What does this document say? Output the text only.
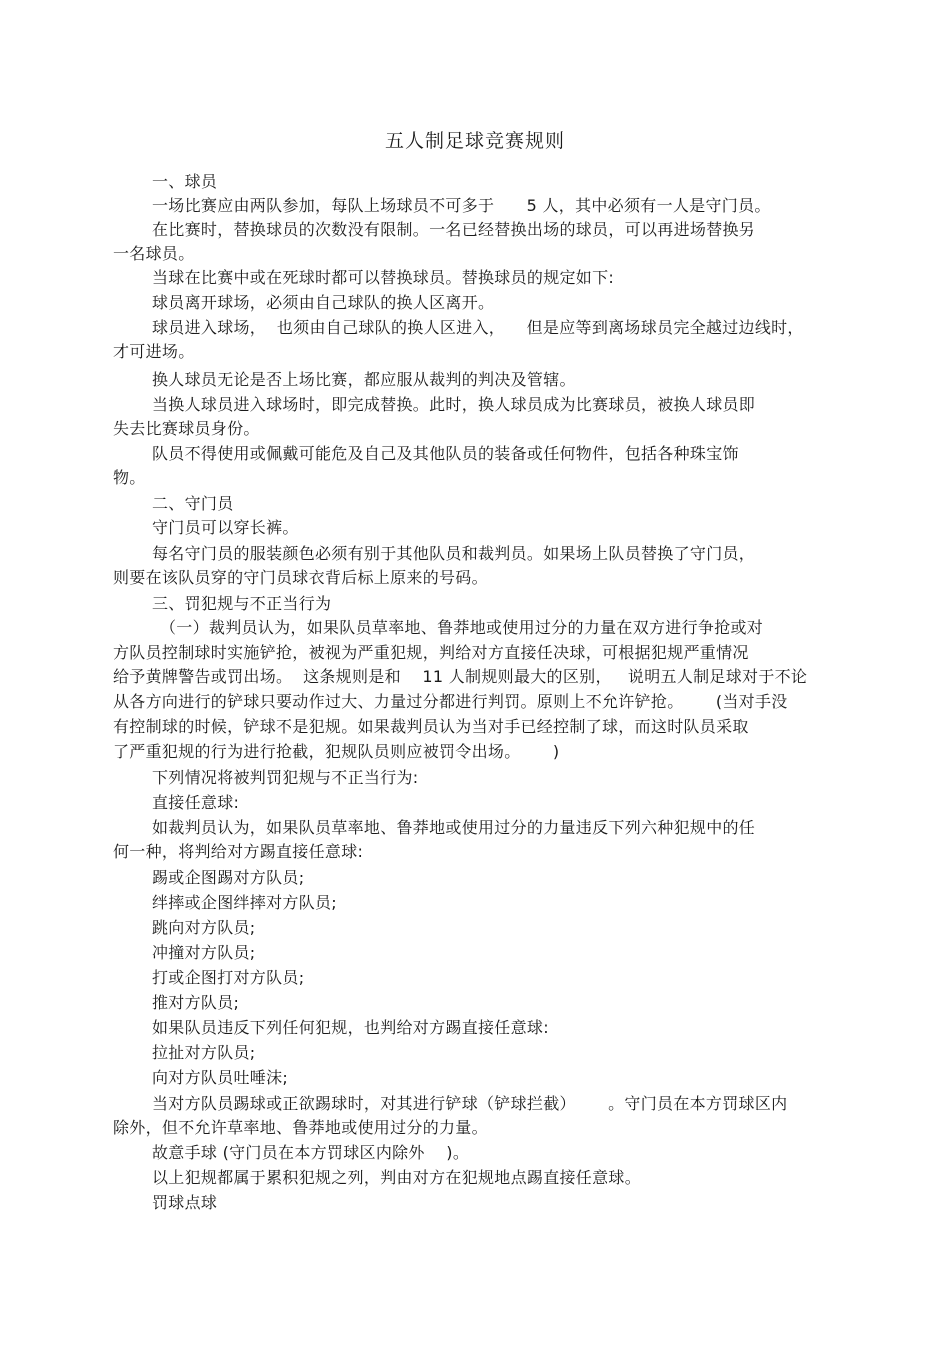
五人制足球竞赛规则
一、球员
一场比赛应由两队参加，每队上场球员不可多于      5 人，其中必须有一人是守门员。
在比赛时，替换球员的次数没有限制。一名已经替换出场的球员，可以再进场替换另
一名球员。
当球在比赛中或在死球时都可以替换球员。替换球员的规定如下:
球员离开球场，必须由自己球队的换人区离开。
球员进入球场，  也须由自己球队的换人区进入，    但是应等到离场球员完全越过边线时，
才可进场。
换人球员无论是否上场比赛，都应服从裁判的判决及管辖。
当换人球员进入球场时，即完成替换。此时，换人球员成为比赛球员，被换人球员即
失去比赛球员身份。
队员不得使用或佩戴可能危及自己及其他队员的装备或任何物件，包括各种珠宝饰
物。
二、守门员
守门员可以穿长裤。
每名守门员的服装颜色必须有别于其他队员和裁判员。如果场上队员替换了守门员，
则要在该队员穿的守门员球衣背后标上原来的号码。
三、罚犯规与不正当行为
（一）裁判员认为，如果队员草率地、鲁莽地或使用过分的力量在双方进行争抢或对
方队员控制球时实施铲抢，被视为严重犯规，判给对方直接任决球，可根据犯规严重情况
给予黄牌警告或罚出场。  这条规则是和    11 人制规则最大的区别，   说明五人制足球对于不论
从各方向进行的铲球只要动作过大、力量过分都进行判罚。原则上不允许铲抢。      (当对手没
有控制球的时候，铲球不是犯规。如果裁判员认为当对手已经控制了球，而这时队员采取
了严重犯规的行为进行抢截，犯规队员则应被罚令出场。      )
下列情况将被判罚犯规与不正当行为:
直接任意球:
如裁判员认为，如果队员草率地、鲁莽地或使用过分的力量违反下列六种犯规中的任
何一种，将判给对方踢直接任意球:
踢或企图踢对方队员;
绊摔或企图绊摔对方队员;
跳向对方队员;
冲撞对方队员;
打或企图打对方队员;
推对方队员;
如果队员违反下列任何犯规，也判给对方踢直接任意球:
拉扯对方队员;
向对方队员吐唾沫;
当对方队员踢球或正欲踢球时，对其进行铲球（铲球拦截）      。守门员在本方罚球区内
除外，但不允许草率地、鲁莽地或使用过分的力量。
故意手球 (守门员在本方罚球区内除外    )。
以上犯规都属于累积犯规之列，判由对方在犯规地点踢直接任意球。
罚球点球
